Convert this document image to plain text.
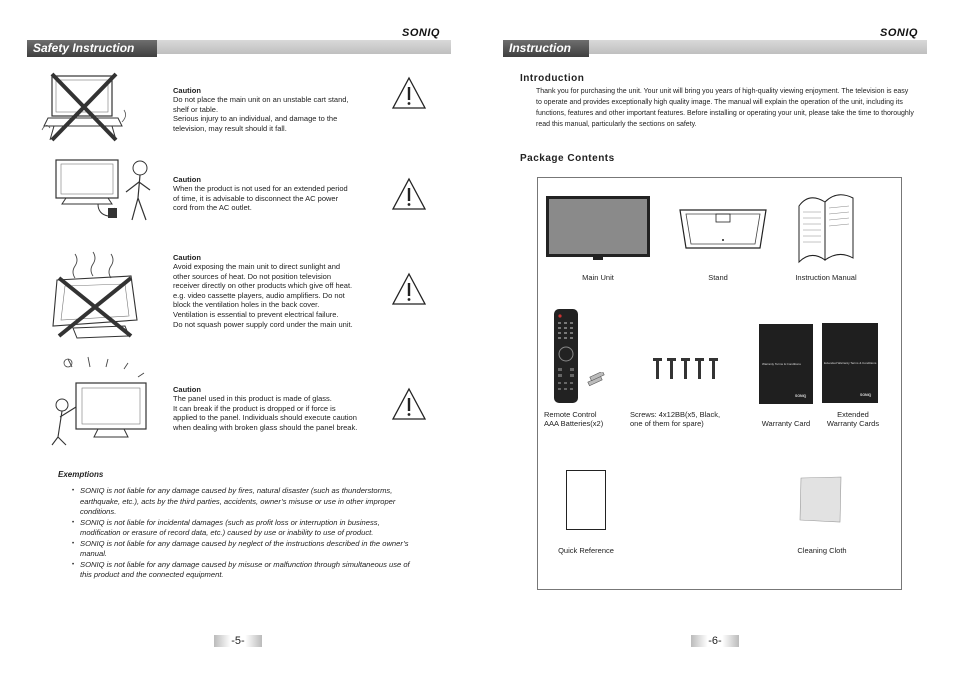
SONIQ
Safety Instruction
Caution
Do not place the main unit on an unstable cart stand,
shelf or table.
Serious injury to an individual, and damage to the
television, may result should it fall.
Caution
When the product is not used for an extended period
of time, it is advisable to disconnect the AC power
cord from the AC outlet.
Caution
Avoid exposing the main unit to direct sunlight and
other sources of heat. Do not position television
receiver directly on other products which give off heat.
e.g. video cassette players, audio amplifiers. Do not
block the ventilation holes in the back cover.
Ventilation is essential to prevent electrical failure.
Do not squash power supply cord under the main unit.
Caution
The panel used in this product is made of glass.
It can break if the product is dropped or if force is
applied to the panel. Individuals should execute caution
when dealing with broken glass should the panel break.
Exemptions
• SONIQ is not liable for any damage caused by fires, natural disaster (such as thunderstorms, earthquake, etc.), acts by the third parties, accidents, owner’s misuse or use in other improper conditions.
• SONIQ is not liable for incidental damages (such as profit loss or interruption in business, modification or erasure of record data, etc.) caused by use or inability to use of product.
• SONIQ is not liable for any damage caused by neglect of the instructions described in the owner’s manual.
• SONIQ is not liable for any damage caused by misuse or malfunction through simultaneous use of this product and the connected equipment.
-5-
SONIQ
Instruction
Introduction
Thank you for purchasing the unit. Your unit will bring you years of high-quality viewing enjoyment. The television is easy to operate and provides exceptionally high quality image. The manual will explain the operation of the unit, including its functions, features and other important features. Before installing or operating your unit, please take the time to thoroughly read this manual, particularly the sections on safety.
Package Contents
Main Unit	Stand	Instruction Manual
Remote Control
AAA Batteries(x2)
Screws: 4x12BB(x5, Black,
one of them for spare)
Warranty Terms & Conditions
SONIQ
Warranty Card
Extended Warranty Terms & Conditions
SONIQ
Extended
Warranty Cards
Quick Reference	Cleaning Cloth
-6-
